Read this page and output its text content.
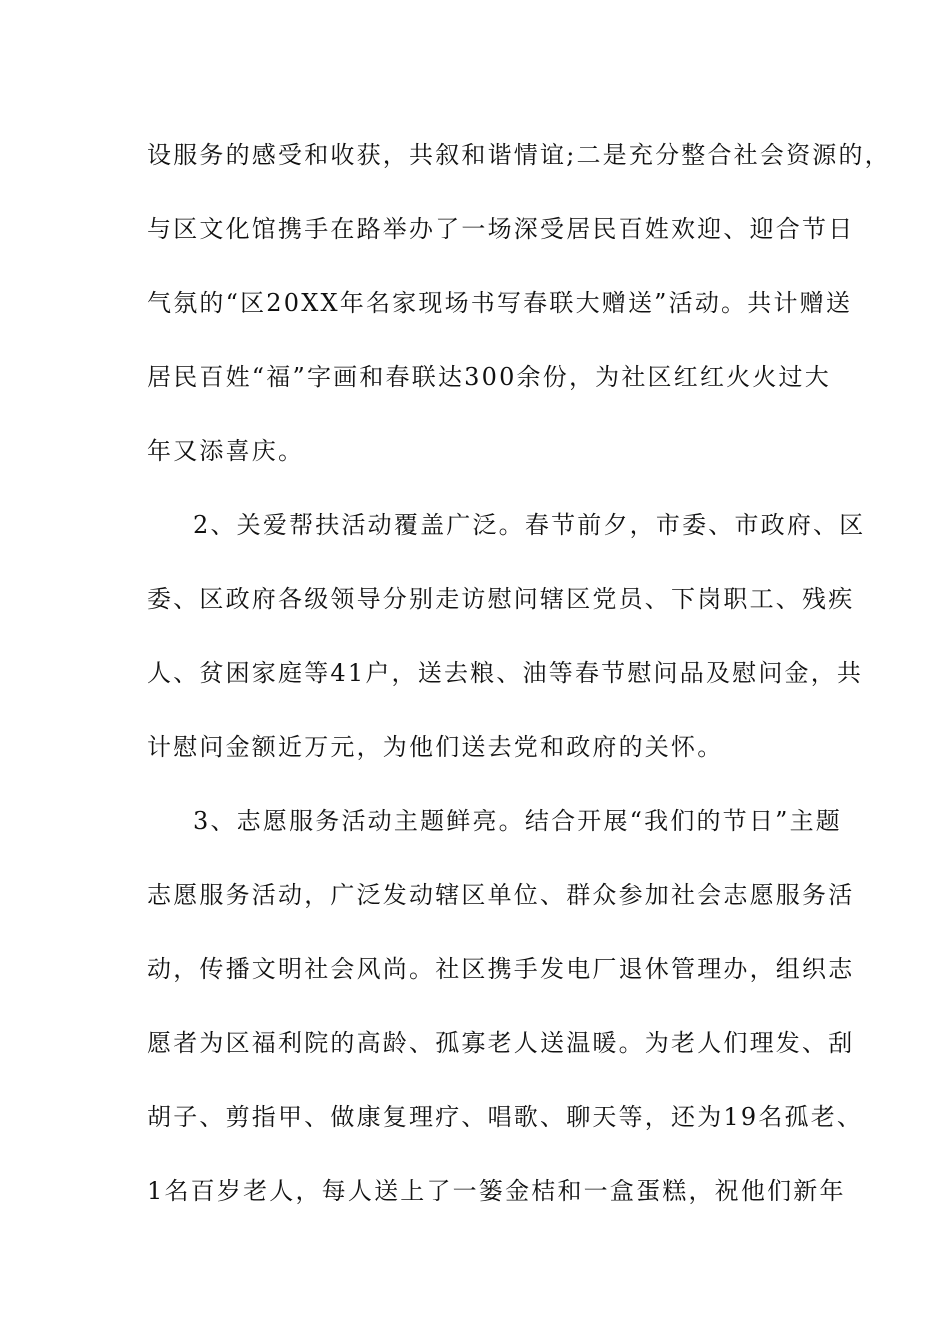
设服务的感受和收获，共叙和谐情谊;二是充分整合社会资源的，
与区文化馆携手在路举办了一场深受居民百姓欢迎、迎合节日
气氛的“区20XX年名家现场书写春联大赠送”活动。共计赠送
居民百姓“福”字画和春联达300余份，为社区红红火火过大
年又添喜庆。
2、关爱帮扶活动覆盖广泛。春节前夕，市委、市政府、区
委、区政府各级领导分别走访慰问辖区党员、下岗职工、残疾
人、贫困家庭等41户，送去粮、油等春节慰问品及慰问金，共
计慰问金额近万元，为他们送去党和政府的关怀。
3、志愿服务活动主题鲜亮。结合开展“我们的节日”主题
志愿服务活动，广泛发动辖区单位、群众参加社会志愿服务活
动，传播文明社会风尚。社区携手发电厂退休管理办，组织志
愿者为区福利院的高龄、孤寡老人送温暖。为老人们理发、刮
胡子、剪指甲、做康复理疗、唱歌、聊天等，还为19名孤老、
1名百岁老人，每人送上了一篓金桔和一盒蛋糕，祝他们新年
